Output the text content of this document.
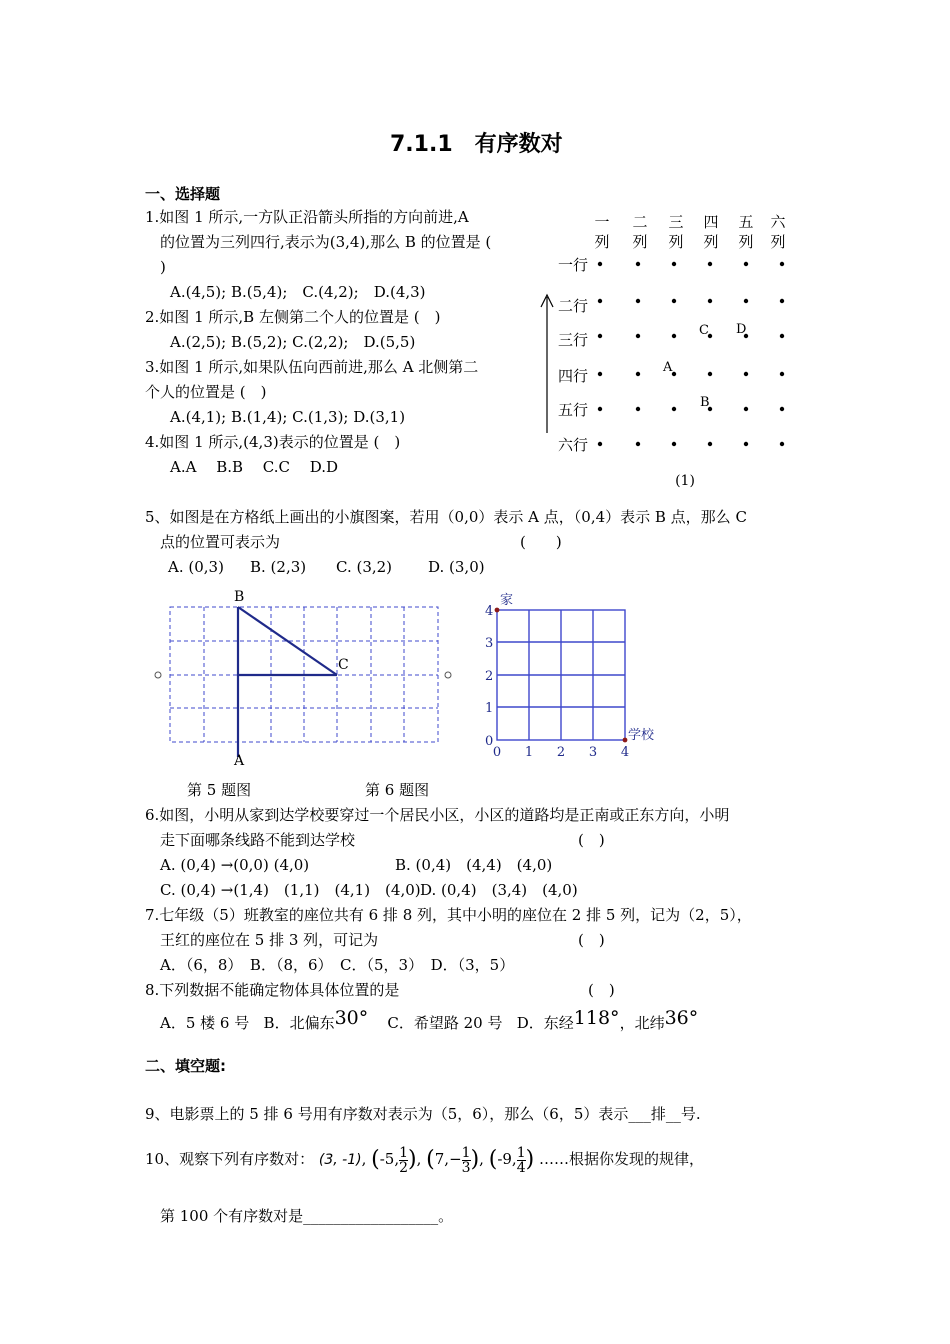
7.1.1　有序数对
一、选择题
1.如图 1 所示,一方队正沿箭头所指的方向前进,A
的位置为三列四行,表示为(3,4),那么 B 的位置是 (
)
A.(4,5); B.(5,4);　C.(4,2);　D.(4,3)
2.如图 1 所示,B 左侧第二个人的位置是 (　)
A.(2,5); B.(5,2); C.(2,2);　D.(5,5)
3.如图 1 所示,如果队伍向西前进,那么 A 北侧第二
个人的位置是 (　)
A.(4,1); B.(1,4); C.(1,3); D.(3,1)
4.如图 1 所示,(4,3)表示的位置是 (　)
A.A　 B.B　 C.C　 D.D
一
列
二
列
三
列
四
列
五
列
六
列
一行
二行
三行
四行
五行
六行
C D
A
B
(1)
5、如图是在方格纸上画出的小旗图案，若用（0,0）表示 A 点，（0,4）表示 B 点，那么 C
点的位置可表示为	(　　)
A. (0,3) B. (2,3) C. (3,2) D. (3,0)
B
C
A
0 1 2 3 4
0
1
2
3
4
家
学校
第 5 题图	第 6 题图
6.如图，小明从家到达学校要穿过一个居民小区，小区的道路均是正南或正东方向，小明
走下面哪条线路不能到达学校	(　)
A. (0,4) →(0,0) (4,0)	B. (0,4)　(4,4)　(4,0)
C. (0,4) →(1,4)　(1,1)　(4,1)　(4,0) D. (0,4)　(3,4)　(4,0)
7.七年级（5）班教室的座位共有 6 排 8 列，其中小明的座位在 2 排 5 列，记为（2，5），
王红的座位在 5 排 3 列，可记为	(　)
A．（6，8）　B．（8，6）　C．（5，3）　D．（3，5）
8.下列数据不能确定物体具体位置的是	(　)
A．5 楼 6 号 B．北偏东30° C．希望路 20 号 D．东经118°，北纬36°
二、填空题:
9、电影票上的 5 排 6 号用有序数对表示为（5，6），那么（6，5）表示___排__号.
10、观察下列有序数对： (3, -1), (-5, $\frac{1}{2}$ ), ($7,- \frac{1}{3}$ ), (-9, $\frac{1}{4}$ ) ……根据你发现的规律，
第 100 个有序数对是__________________。
